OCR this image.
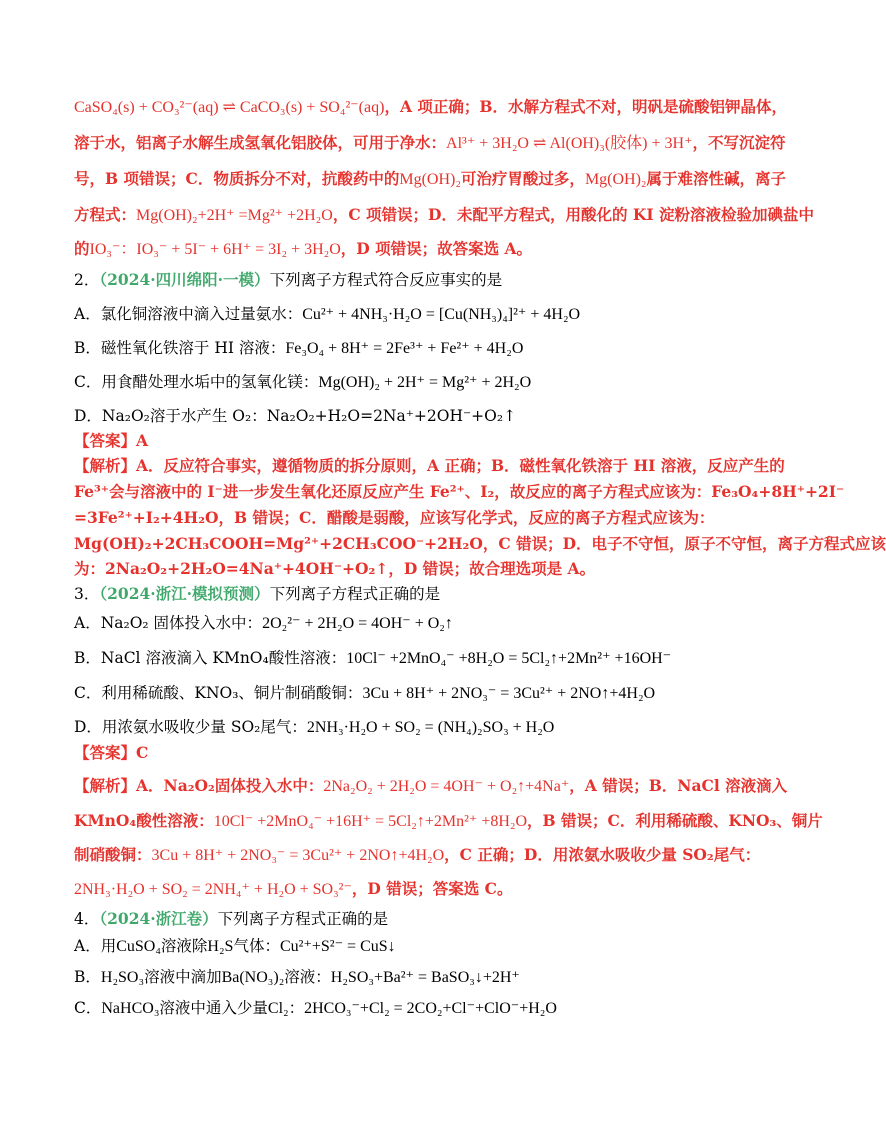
CaSO₄(s) + CO₃²⁻(aq) ⇌ CaCO₃(s) + SO₄²⁻(aq)，A 项正确；B．水解方程式不对，明矾是硫酸铝钾晶体，
溶于水，铝离子水解生成氢氧化铝胶体，可用于净水：Al³⁺ + 3H₂O ⇌ Al(OH)₃(胶体) + 3H⁺，不写沉淀符
号，B 项错误；C．物质拆分不对，抗酸药中的Mg(OH)₂可治疗胃酸过多，Mg(OH)₂属于难溶性碱，离子
方程式：Mg(OH)₂+2H⁺ =Mg²⁺ +2H₂O，C 项错误；D．未配平方程式，用酸化的 KI 淀粉溶液检验加碘盐中
的IO₃⁻：IO₃⁻ + 5I⁻ + 6H⁺ = 3I₂ + 3H₂O，D 项错误；故答案选 A。
2．（2024·四川绵阳·一模）下列离子方程式符合反应事实的是
A．氯化铜溶液中滴入过量氨水：Cu²⁺ + 4NH₃·H₂O = [Cu(NH₃)₄]²⁺ + 4H₂O
B．磁性氧化铁溶于 HI 溶液：Fe₃O₄ + 8H⁺ = 2Fe³⁺ + Fe²⁺ + 4H₂O
C．用食醋处理水垢中的氢氧化镁：Mg(OH)₂ + 2H⁺ = Mg²⁺ + 2H₂O
D．Na₂O₂溶于水产生 O₂：Na₂O₂+H₂O=2Na⁺+2OH⁻+O₂↑
【答案】A
【解析】A．反应符合事实，遵循物质的拆分原则，A 正确；B．磁性氧化铁溶于 HI 溶液，反应产生的
Fe³⁺会与溶液中的 I⁻进一步发生氧化还原反应产生 Fe²⁺、I₂，故反应的离子方程式应该为：Fe₃O₄+8H⁺+2I⁻
=3Fe²⁺+I₂+4H₂O，B 错误；C．醋酸是弱酸，应该写化学式，反应的离子方程式应该为：
Mg(OH)₂+2CH₃COOH=Mg²⁺+2CH₃COO⁻+2H₂O，C 错误；D．电子不守恒，原子不守恒，离子方程式应该
为：2Na₂O₂+2H₂O=4Na⁺+4OH⁻+O₂↑，D 错误；故合理选项是 A。
3．（2024·浙江·模拟预测）下列离子方程式正确的是
A．Na₂O₂ 固体投入水中：2O₂²⁻ + 2H₂O = 4OH⁻ + O₂↑
B．NaCl 溶液滴入 KMnO₄酸性溶液：10Cl⁻ +2MnO₄⁻ +8H₂O = 5Cl₂↑+2Mn²⁺ +16OH⁻
C．利用稀硫酸、KNO₃、铜片制硝酸铜：3Cu + 8H⁺ + 2NO₃⁻ = 3Cu²⁺ + 2NO↑+4H₂O
D．用浓氨水吸收少量 SO₂尾气：2NH₃·H₂O + SO₂ = (NH₄)₂SO₃ + H₂O
【答案】C
【解析】A．Na₂O₂固体投入水中：2Na₂O₂ + 2H₂O = 4OH⁻ + O₂↑+4Na⁺，A 错误；B．NaCl 溶液滴入
KMnO₄酸性溶液：10Cl⁻ +2MnO₄⁻ +16H⁺ = 5Cl₂↑+2Mn²⁺ +8H₂O，B 错误；C．利用稀硫酸、KNO₃、铜片
制硝酸铜：3Cu + 8H⁺ + 2NO₃⁻ = 3Cu²⁺ + 2NO↑+4H₂O，C 正确；D．用浓氨水吸收少量 SO₂尾气：
2NH₃·H₂O + SO₂ = 2NH₄⁺ + H₂O + SO₃²⁻，D 错误；答案选 C。
4．（2024·浙江卷）下列离子方程式正确的是
A．用CuSO₄溶液除H₂S气体：Cu²⁺+S²⁻ = CuS↓
B．H₂SO₃溶液中滴加Ba(NO₃)₂溶液：H₂SO₃+Ba²⁺ = BaSO₃↓+2H⁺
C．NaHCO₃溶液中通入少量Cl₂：2HCO₃⁻+Cl₂ = 2CO₂+Cl⁻+ClO⁻+H₂O
